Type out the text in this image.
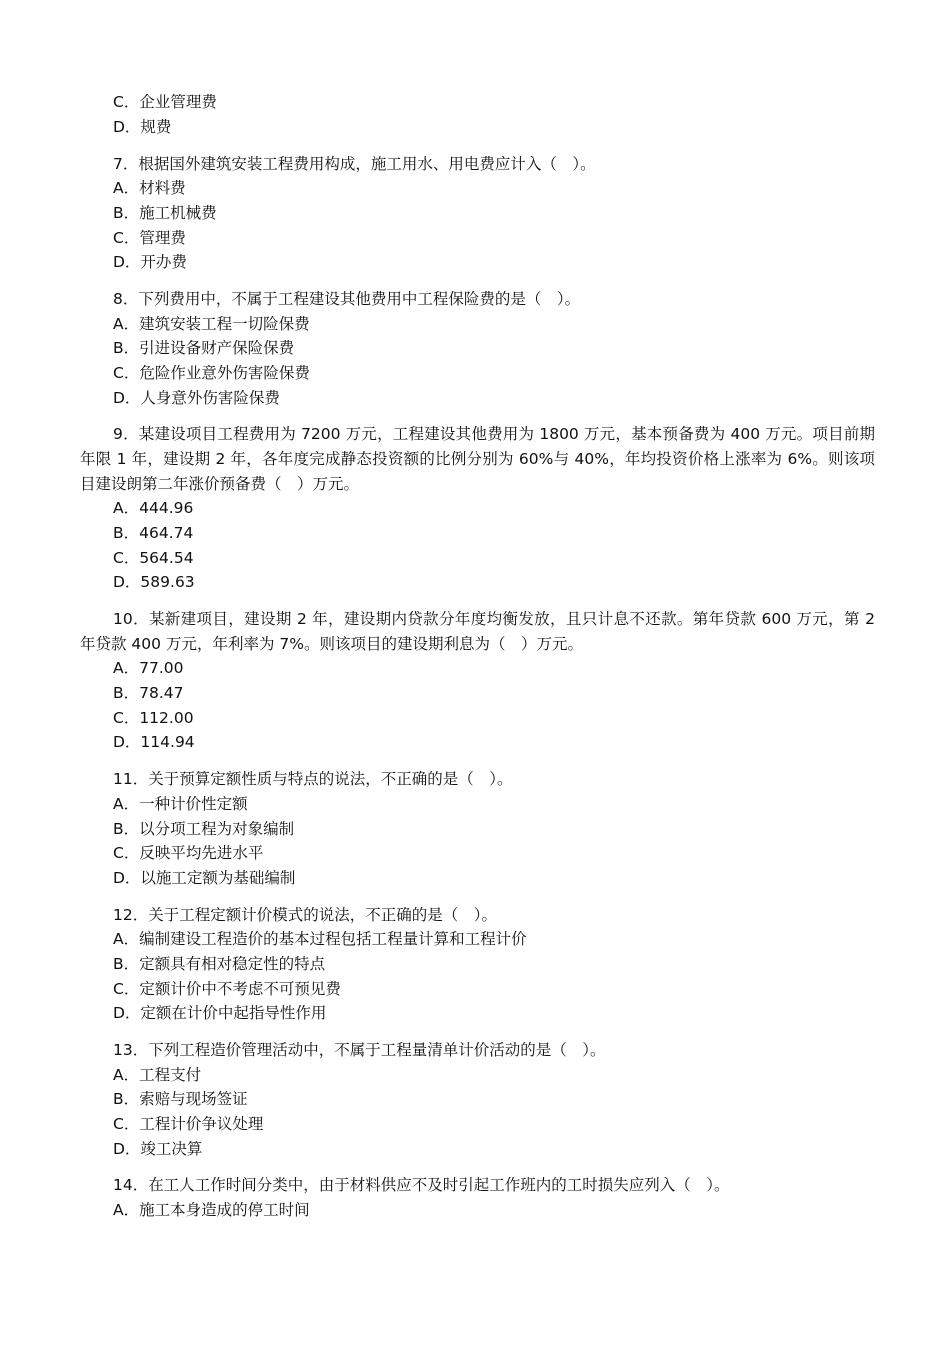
C．企业管理费

D．规费

7．根据国外建筑安装工程费用构成，施工用水、用电费应计入（　）。

A．材料费

B．施工机械费

C．管理费

D．开办费

8．下列费用中，不属于工程建设其他费用中工程保险费的是（　）。

A．建筑安装工程一切险保费

B．引进设备财产保险保费

C．危险作业意外伤害险保费

D．人身意外伤害险保费

9．某建设项目工程费用为 7200 万元，工程建设其他费用为 1800 万元，基本预备费为 400 万元。项目前期年限 1 年，建设期 2 年，各年度完成静态投资额的比例分别为 60%与 40%，年均投资价格上涨率为 6%。则该项目建设朗第二年涨价预备费（　）万元。

A．444.96

B．464.74

C．564.54

D．589.63

10．某新建项目，建设期 2 年，建设期内贷款分年度均衡发放，且只计息不还款。第年贷款 600 万元，第 2 年贷款 400 万元，年利率为 7%。则该项目的建设期利息为（　）万元。

A．77.00

B．78.47

C．112.00

D．114.94

11．关于预算定额性质与特点的说法，不正确的是（　）。

A．一种计价性定额

B．以分项工程为对象编制

C．反映平均先进水平

D．以施工定额为基础编制

12．关于工程定额计价模式的说法，不正确的是（　）。

A．编制建设工程造价的基本过程包括工程量计算和工程计价

B．定额具有相对稳定性的特点

C．定额计价中不考虑不可预见费

D．定额在计价中起指导性作用

13．下列工程造价管理活动中，不属于工程量清单计价活动的是（　）。

A．工程支付

B．索赔与现场签证

C．工程计价争议处理

D．竣工决算

14．在工人工作时间分类中，由于材料供应不及时引起工作班内的工时损失应列入（　）。

A．施工本身造成的停工时间
